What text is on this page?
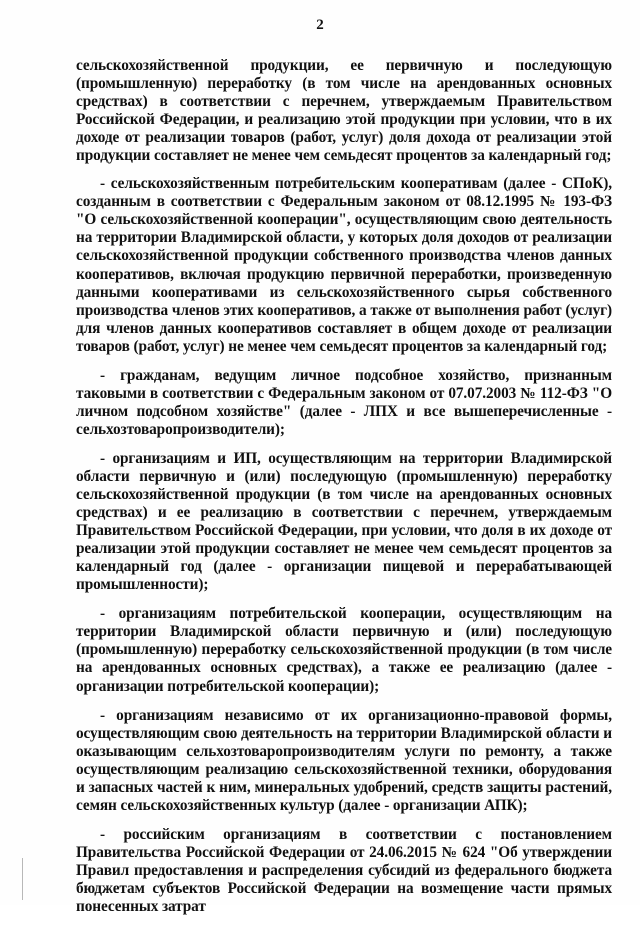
2

сельскохозяйственной продукции, ее первичную и последующую (промышленную) переработку (в том числе на арендованных основных средствах) в соответствии с перечнем, утверждаемым Правительством Российской Федерации, и реализацию этой продукции при условии, что в их доходе от реализации товаров (работ, услуг) доля дохода от реализации этой продукции составляет не менее чем семьдесят процентов за календарный год;

- сельскохозяйственным потребительским кооперативам (далее - СПоК), созданным в соответствии с Федеральным законом от 08.12.1995 № 193-ФЗ "О сельскохозяйственной кооперации", осуществляющим свою деятельность на территории Владимирской области, у которых доля доходов от реализации сельскохозяйственной продукции собственного производства членов данных кооперативов, включая продукцию первичной переработки, произведенную данными кооперативами из сельскохозяйственного сырья собственного производства членов этих кооперативов, а также от выполнения работ (услуг) для членов данных кооперативов составляет в общем доходе от реализации товаров (работ, услуг) не менее чем семьдесят процентов за календарный год;

- гражданам, ведущим личное подсобное хозяйство, признанным таковыми в соответствии с Федеральным законом от 07.07.2003 № 112-ФЗ "О личном подсобном хозяйстве" (далее - ЛПХ и все вышеперечисленные - сельхозтоваропроизводители);

- организациям и ИП, осуществляющим на территории Владимирской области первичную и (или) последующую (промышленную) переработку сельскохозяйственной продукции (в том числе на арендованных основных средствах) и ее реализацию в соответствии с перечнем, утверждаемым Правительством Российской Федерации, при условии, что доля в их доходе от реализации этой продукции составляет не менее чем семьдесят процентов за календарный год (далее - организации пищевой и перерабатывающей промышленности);

- организациям потребительской кооперации, осуществляющим на территории Владимирской области первичную и (или) последующую (промышленную) переработку сельскохозяйственной продукции (в том числе на арендованных основных средствах), а также ее реализацию (далее - организации потребительской кооперации);

- организациям независимо от их организационно-правовой формы, осуществляющим свою деятельность на территории Владимирской области и оказывающим сельхозтоваропроизводителям услуги по ремонту, а также осуществляющим реализацию сельскохозяйственной техники, оборудования и запасных частей к ним, минеральных удобрений, средств защиты растений, семян сельскохозяйственных культур (далее - организации АПК);

- российским организациям в соответствии с постановлением Правительства Российской Федерации от 24.06.2015 № 624 "Об утверждении Правил предоставления и распределения субсидий из федерального бюджета бюджетам субъектов Российской Федерации на возмещение части прямых понесенных затрат
